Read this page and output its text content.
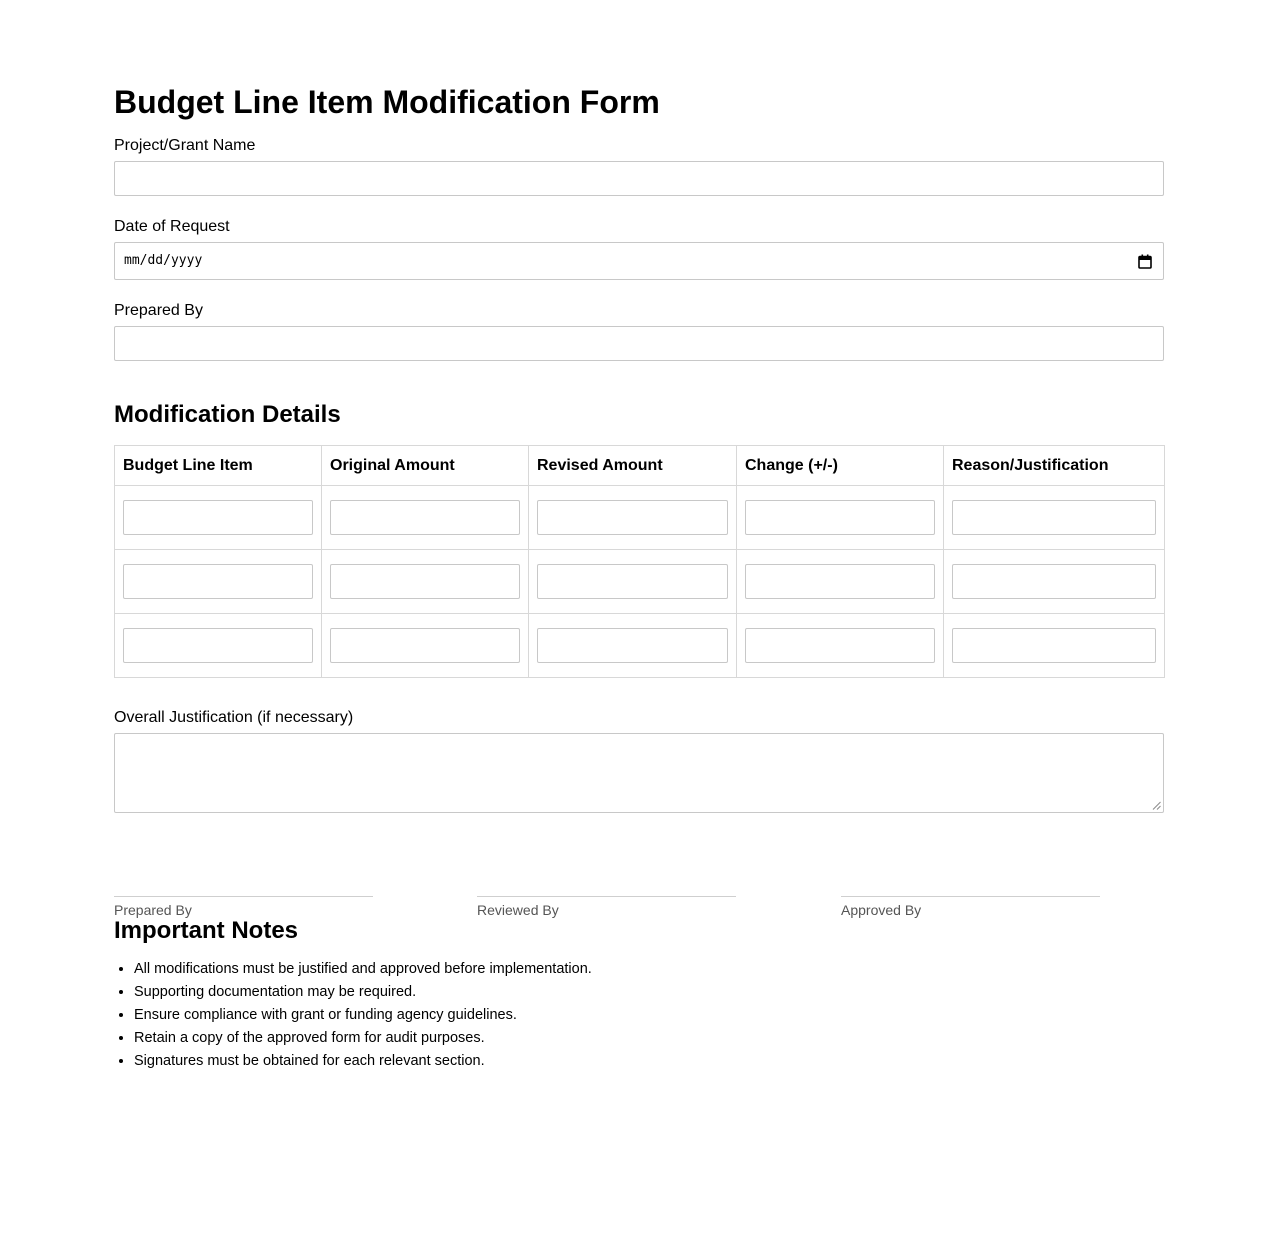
Budget Line Item Modification Form
Project/Grant Name
Date of Request
mm/dd/yyyy
Prepared By
Modification Details
Budget Line Item	Original Amount	Revised Amount	Change (+/-)	Reason/Justification

Overall Justification (if necessary)
Prepared By	Reviewed By	Approved By
Important Notes
• All modifications must be justified and approved before implementation.
• Supporting documentation may be required.
• Ensure compliance with grant or funding agency guidelines.
• Retain a copy of the approved form for audit purposes.
• Signatures must be obtained for each relevant section.
